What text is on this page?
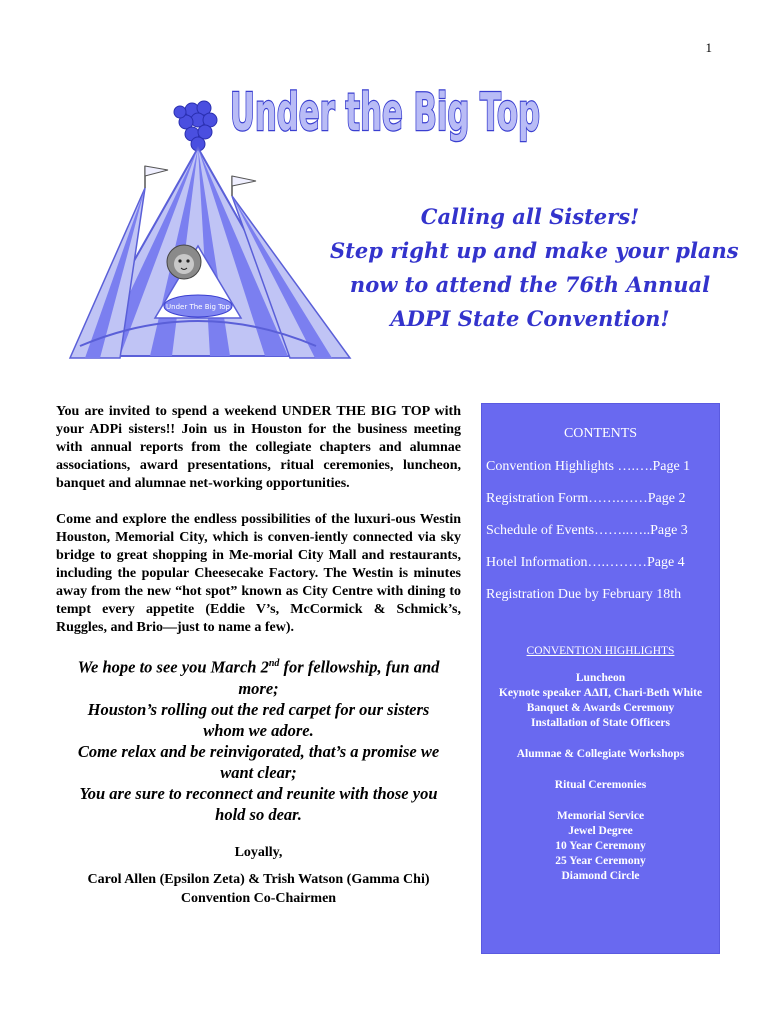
1
Under the Big Top
Under The Big Top
Calling all Sisters!
Step right up and make your plans
now to attend the 76th Annual
ADPI State Convention!

You are invited to spend a weekend UNDER THE BIG TOP with your ADPi sisters!! Join us in Houston for the business meeting with annual reports from the collegiate chapters and alumnae associations, award presentations, ritual ceremonies, luncheon, banquet and alumnae net-working opportunities.

Come and explore the endless possibilities of the luxuri-ous Westin Houston, Memorial City, which is conven-iently connected via sky bridge to great shopping in Me-morial City Mall and restaurants, including the popular Cheesecake Factory. The Westin is minutes away from the new “hot spot” known as City Centre with dining to tempt every appetite (Eddie V’s, McCormick & Schmick’s, Ruggles, and Brio—just to name a few).

We hope to see you March 2nd for fellowship, fun and
more;
Houston’s rolling out the red carpet for our sisters
whom we adore.
Come relax and be reinvigorated, that’s a promise we
want clear;
You are sure to reconnect and reunite with those you
hold so dear.
Loyally,
Carol Allen (Epsilon Zeta) & Trish Watson (Gamma Chi)
Convention Co-Chairmen
CONTENTS
Convention Highlights ….….Page 1
Registration Form…….……Page 2
Schedule of Events……..…..Page 3
Hotel Information….………Page 4
Registration Due by February 18th
CONVENTION HIGHLIGHTS
Luncheon
Keynote speaker ΑΔΠ, Chari-Beth White
Banquet & Awards Ceremony
Installation of State Officers
Alumnae & Collegiate Workshops
Ritual Ceremonies
Memorial Service
Jewel Degree
10 Year Ceremony
25 Year Ceremony
Diamond Circle
